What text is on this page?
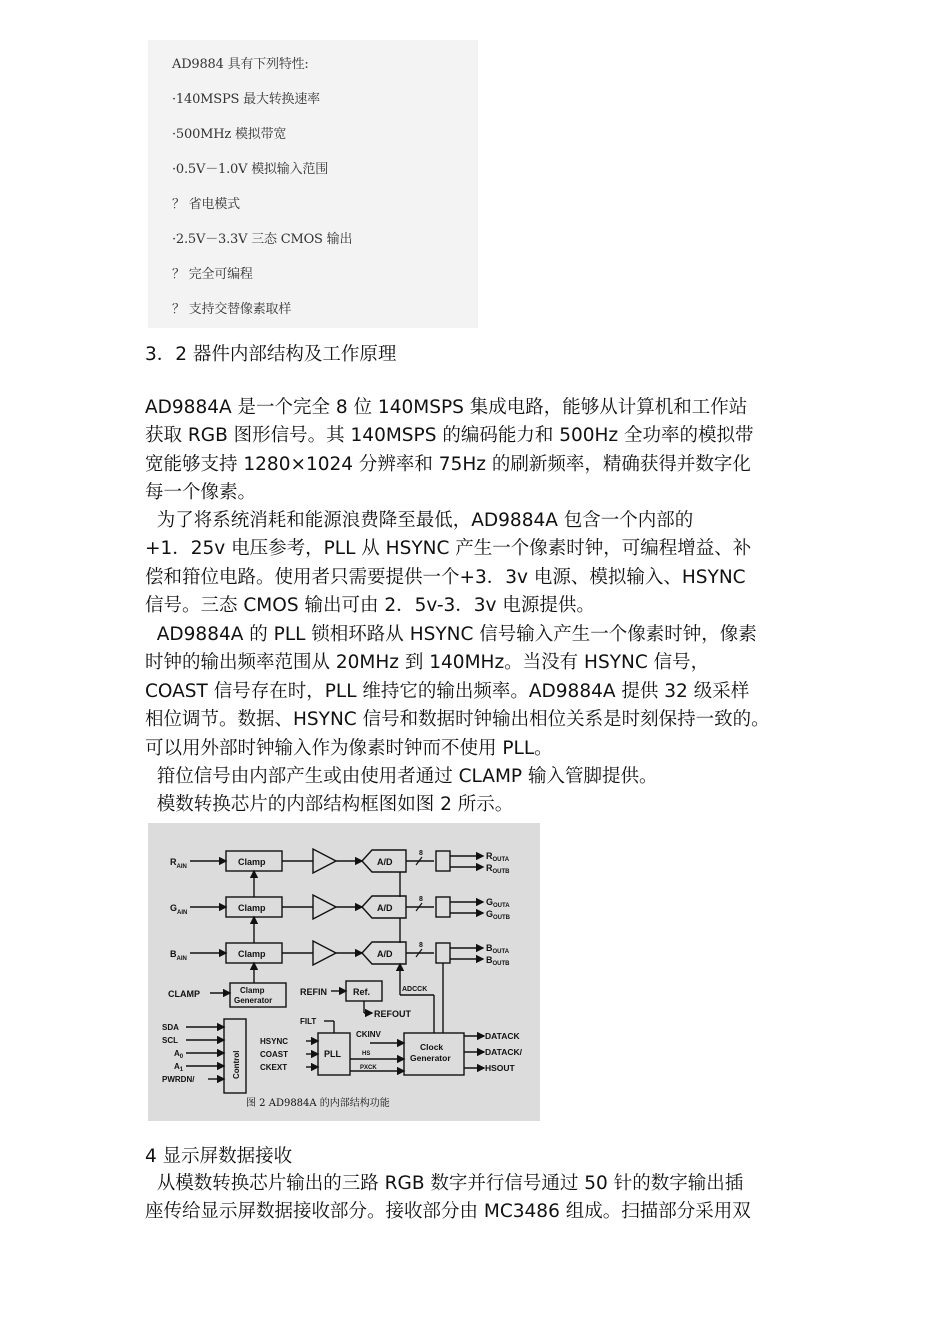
AD9884 具有下列特性:
·140MSPS 最大转换速率
·500MHz 模拟带宽
·0.5V－1.0V 模拟输入范围
？ 省电模式
·2.5V－3.3V 三态 CMOS 输出
？ 完全可编程
？ 支持交替像素取样
3．2 器件内部结构及工作原理
AD9884A 是一个完全 8 位 140MSPS 集成电路，能够从计算机和工作站
获取 RGB 图形信号。其 140MSPS 的编码能力和 500Hz 全功率的模拟带
宽能够支持 1280×1024 分辨率和 75Hz 的刷新频率，精确获得并数字化
每一个像素。
为了将系统消耗和能源浪费降至最低，AD9884A 包含一个内部的
+1．25v 电压参考，PLL 从 HSYNC 产生一个像素时钟，可编程增益、补
偿和箝位电路。使用者只需要提供一个+3．3v 电源、模拟输入、HSYNC
信号。三态 CMOS 输出可由 2．5v-3．3v 电源提供。
AD9884A 的 PLL 锁相环路从 HSYNC 信号输入产生一个像素时钟，像素
时钟的输出频率范围从 20MHz 到 140MHz。当没有 HSYNC 信号，
COAST 信号存在时，PLL 维持它的输出频率。AD9884A 提供 32 级采样
相位调节。数据、HSYNC 信号和数据时钟输出相位关系是时刻保持一致的。
可以用外部时钟输入作为像素时钟而不使用 PLL。
箝位信号由内部产生或由使用者通过 CLAMP 输入管脚提供。
模数转换芯片的内部结构框图如图 2 所示。
$R_{AIN}$
$G_{AIN}$
$B_{AIN}$
Clamp
Clamp
Clamp
A/D
A/D
A/D
8
8
8
$R_{OUTA}$
$R_{OUTB}$
$G_{OUTA}$
$G_{OUTB}$
$B_{OUTA}$
$B_{OUTB}$
CLAMP	Clamp
Generator
REFIN	Ref.	ADCCK
REFOUT
SDA
SCL
$A_0$
$A_1$
PWRDN/
Control
FILT
HSYNC
COAST
CKEXT
PLL
CKINV
HS
PXCK
Clock
Generator
DATACK
DATACK/
HSOUT
图 2 AD9884A 的内部结构功能
4 显示屏数据接收
从模数转换芯片输出的三路 RGB 数字并行信号通过 50 针的数字输出插
座传给显示屏数据接收部分。接收部分由 MC3486 组成。扫描部分采用双
